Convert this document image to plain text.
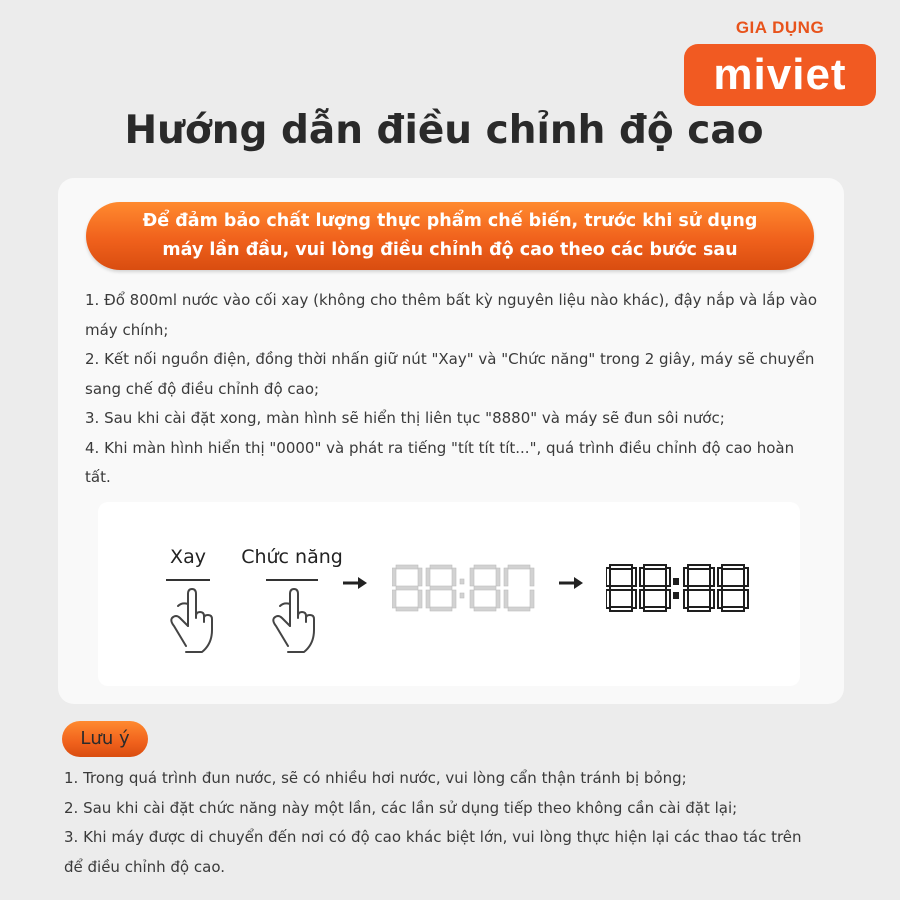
GIA DỤNG
miviet
Hướng dẫn điều chỉnh độ cao
Để đảm bảo chất lượng thực phẩm chế biến, trước khi sử dụng
máy lần đầu, vui lòng điều chỉnh độ cao theo các bước sau

1. Đổ 800ml nước vào cối xay (không cho thêm bất kỳ nguyên liệu nào khác), đậy nắp và lắp vào máy chính;

2. Kết nối nguồn điện, đồng thời nhấn giữ nút "Xay" và "Chức năng" trong 2 giây, máy sẽ chuyển sang chế độ điều chỉnh độ cao;

3. Sau khi cài đặt xong, màn hình sẽ hiển thị liên tục "8880" và máy sẽ đun sôi nước;

4. Khi màn hình hiển thị "0000" và phát ra tiếng "tít tít tít...", quá trình điều chỉnh độ cao hoàn tất.

Xay	Chức năng
Lưu ý

1. Trong quá trình đun nước, sẽ có nhiều hơi nước, vui lòng cẩn thận tránh bị bỏng;

2. Sau khi cài đặt chức năng này một lần, các lần sử dụng tiếp theo không cần cài đặt lại;

3. Khi máy được di chuyển đến nơi có độ cao khác biệt lớn, vui lòng thực hiện lại các thao tác trên để điều chỉnh độ cao.
